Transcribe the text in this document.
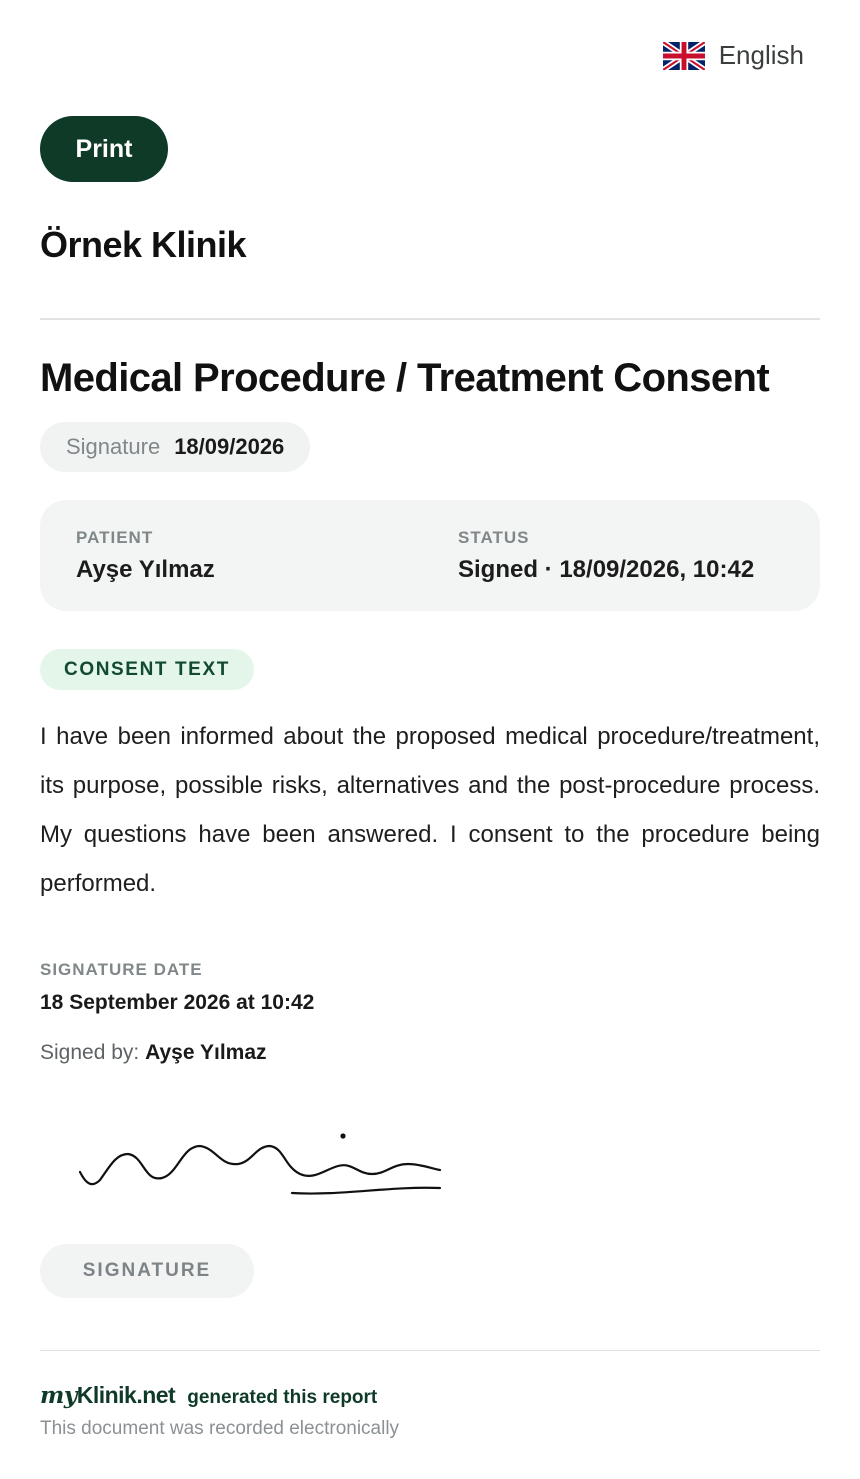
English
Print
Örnek Klinik
Medical Procedure / Treatment Consent
Signature 18/09/2026
PATIENT
Ayşe Yılmaz
STATUS
Signed · 18/09/2026, 10:42
CONSENT TEXT

I have been informed about the proposed medical procedure/treatment, its purpose, possible risks, alternatives and the post-procedure process. My questions have been answered. I consent to the procedure being performed.

SIGNATURE DATE
18 September 2026 at 10:42
Signed by: Ayşe Yılmaz
SIGNATURE
myKlinik.net generated this report
This document was recorded electronically
